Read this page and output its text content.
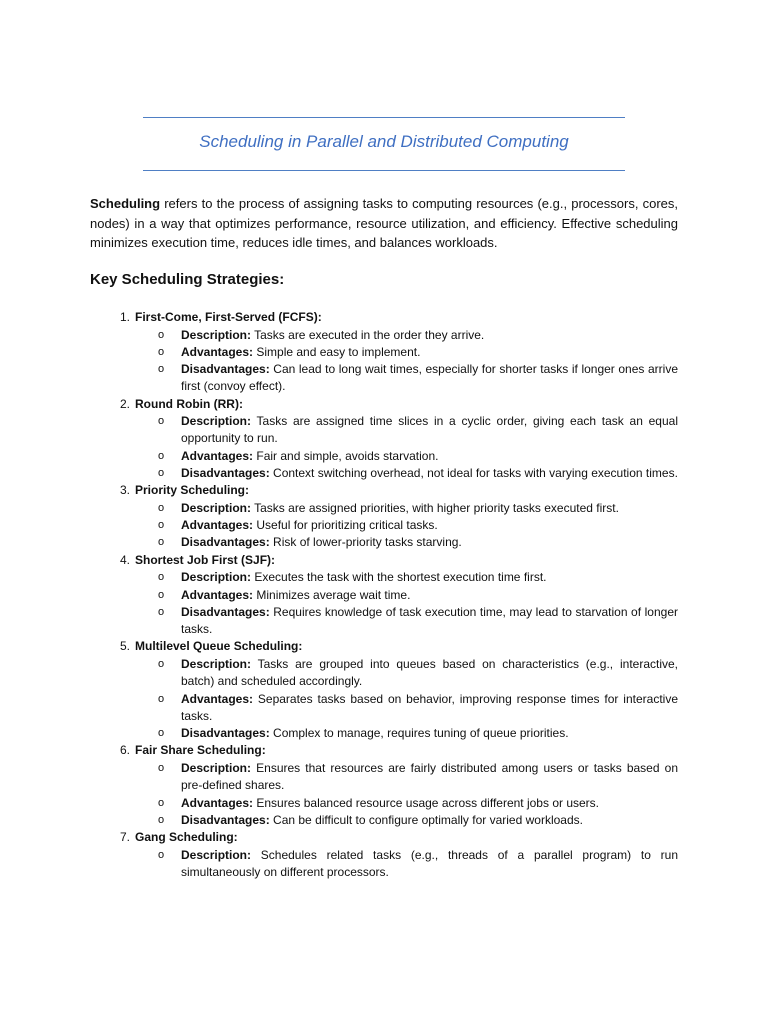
Scheduling in Parallel and Distributed Computing

Scheduling refers to the process of assigning tasks to computing resources (e.g., processors, cores, nodes) in a way that optimizes performance, resource utilization, and efficiency. Effective scheduling minimizes execution time, reduces idle times, and balances workloads.

Key Scheduling Strategies:
1. First-Come, First-Served (FCFS):
o Description: Tasks are executed in the order they arrive.
o Advantages: Simple and easy to implement.
o Disadvantages: Can lead to long wait times, especially for shorter tasks if longer ones arrive first (convoy effect).
2. Round Robin (RR):
o Description: Tasks are assigned time slices in a cyclic order, giving each task an equal opportunity to run.
o Advantages: Fair and simple, avoids starvation.
o Disadvantages: Context switching overhead, not ideal for tasks with varying execution times.
3. Priority Scheduling:
o Description: Tasks are assigned priorities, with higher priority tasks executed first.
o Advantages: Useful for prioritizing critical tasks.
o Disadvantages: Risk of lower-priority tasks starving.
4. Shortest Job First (SJF):
o Description: Executes the task with the shortest execution time first.
o Advantages: Minimizes average wait time.
o Disadvantages: Requires knowledge of task execution time, may lead to starvation of longer tasks.
5. Multilevel Queue Scheduling:
o Description: Tasks are grouped into queues based on characteristics (e.g., interactive, batch) and scheduled accordingly.
o Advantages: Separates tasks based on behavior, improving response times for interactive tasks.
o Disadvantages: Complex to manage, requires tuning of queue priorities.
6. Fair Share Scheduling:
o Description: Ensures that resources are fairly distributed among users or tasks based on pre-defined shares.
o Advantages: Ensures balanced resource usage across different jobs or users.
o Disadvantages: Can be difficult to configure optimally for varied workloads.
7. Gang Scheduling:
o Description: Schedules related tasks (e.g., threads of a parallel program) to run simultaneously on different processors.
